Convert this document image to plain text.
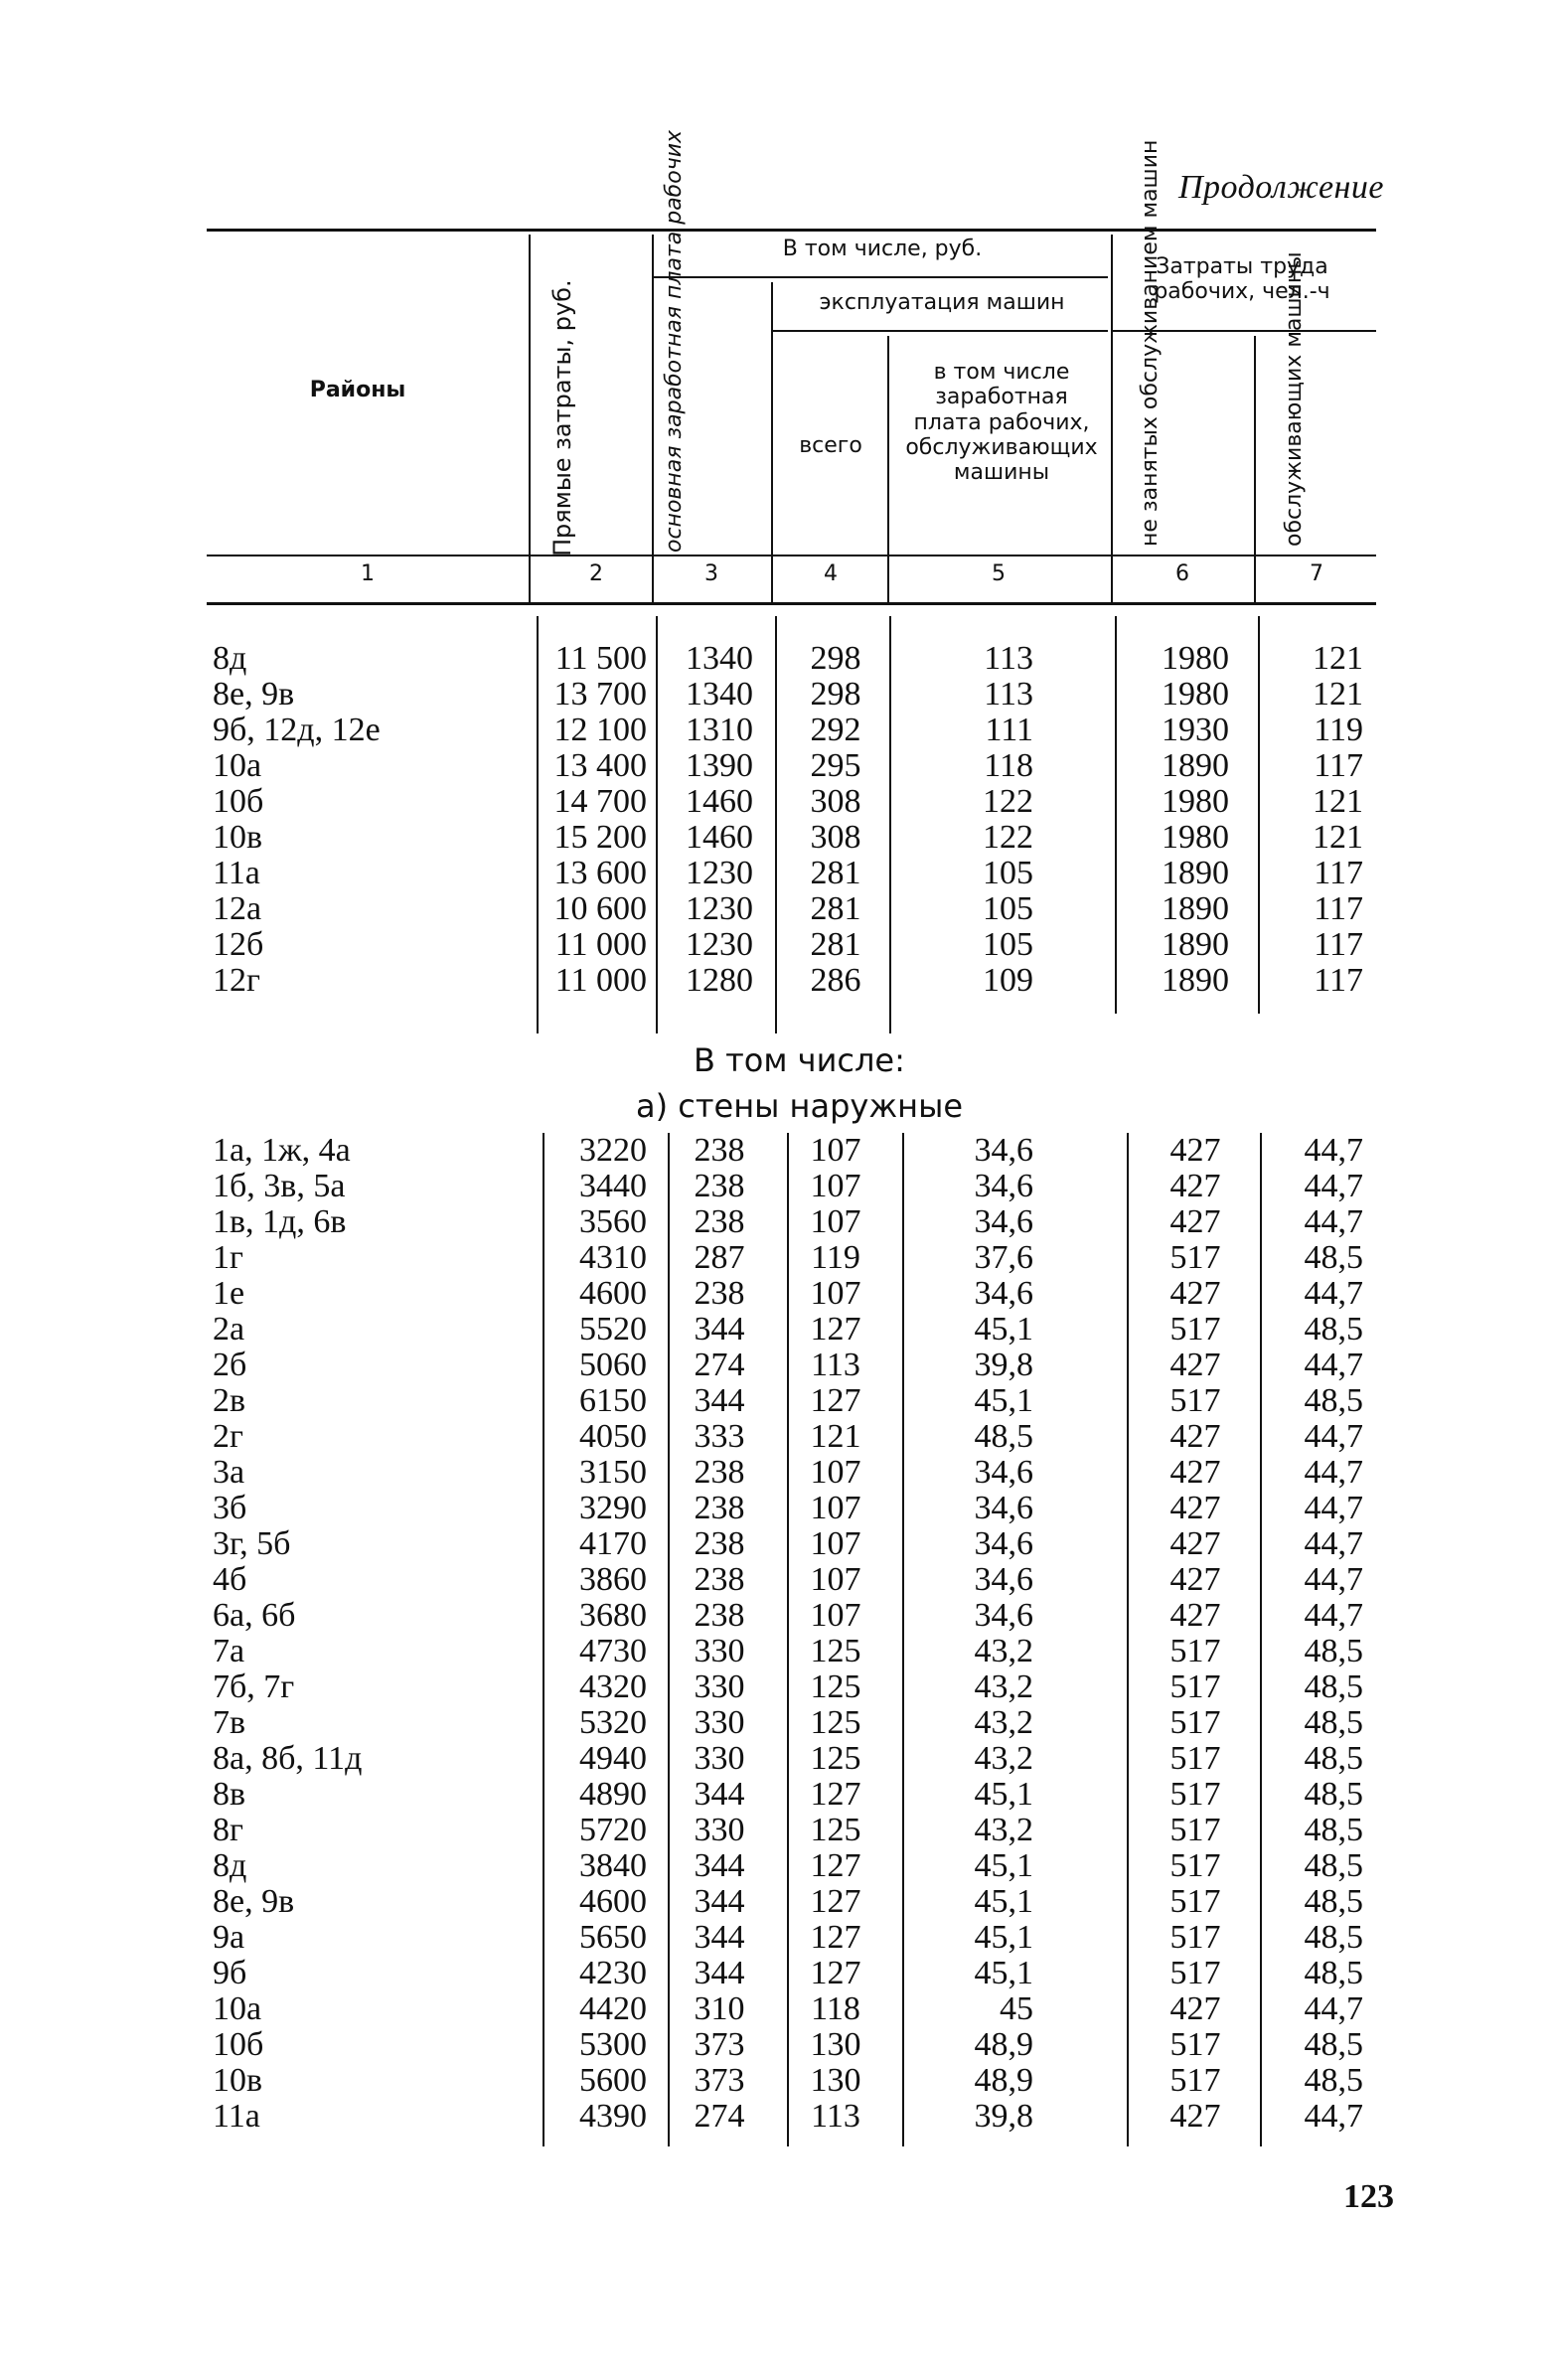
Продолжение
Районы	Прямые затраты, руб.
В том числе, руб.
основная заработная плата рабочих	эксплуатация машин
всего
в том числе заработная плата рабочих, обслуживающих машины
Затраты труда рабочих, чел.-ч
не занятых обслуживанием машин	обслуживающих машины
1	2	3	4	5	6	7
8д	11 500	1340	298	113	1980	121
8е, 9в	13 700	1340	298	113	1980	121
9б, 12д, 12е	12 100	1310	292	111	1930	119
10а	13 400	1390	295	118	1890	117
10б	14 700	1460	308	122	1980	121
10в	15 200	1460	308	122	1980	121
11а	13 600	1230	281	105	1890	117
12а	10 600	1230	281	105	1890	117
12б	11 000	1230	281	105	1890	117
12г	11 000	1280	286	109	1890	117
В том числе:
а) стены наружные
1а, 1ж, 4а	3220	238	107	34,6	427	44,7
1б, 3в, 5а	3440	238	107	34,6	427	44,7
1в, 1д, 6в	3560	238	107	34,6	427	44,7
1г	4310	287	119	37,6	517	48,5
1е	4600	238	107	34,6	427	44,7
2а	5520	344	127	45,1	517	48,5
2б	5060	274	113	39,8	427	44,7
2в	6150	344	127	45,1	517	48,5
2г	4050	333	121	48,5	427	44,7
3а	3150	238	107	34,6	427	44,7
3б	3290	238	107	34,6	427	44,7
3г, 5б	4170	238	107	34,6	427	44,7
4б	3860	238	107	34,6	427	44,7
6а, 6б	3680	238	107	34,6	427	44,7
7а	4730	330	125	43,2	517	48,5
7б, 7г	4320	330	125	43,2	517	48,5
7в	5320	330	125	43,2	517	48,5
8а, 8б, 11д	4940	330	125	43,2	517	48,5
8в	4890	344	127	45,1	517	48,5
8г	5720	330	125	43,2	517	48,5
8д	3840	344	127	45,1	517	48,5
8е, 9в	4600	344	127	45,1	517	48,5
9а	5650	344	127	45,1	517	48,5
9б	4230	344	127	45,1	517	48,5
10а	4420	310	118	45	427	44,7
10б	5300	373	130	48,9	517	48,5
10в	5600	373	130	48,9	517	48,5
11а	4390	274	113	39,8	427	44,7
123
